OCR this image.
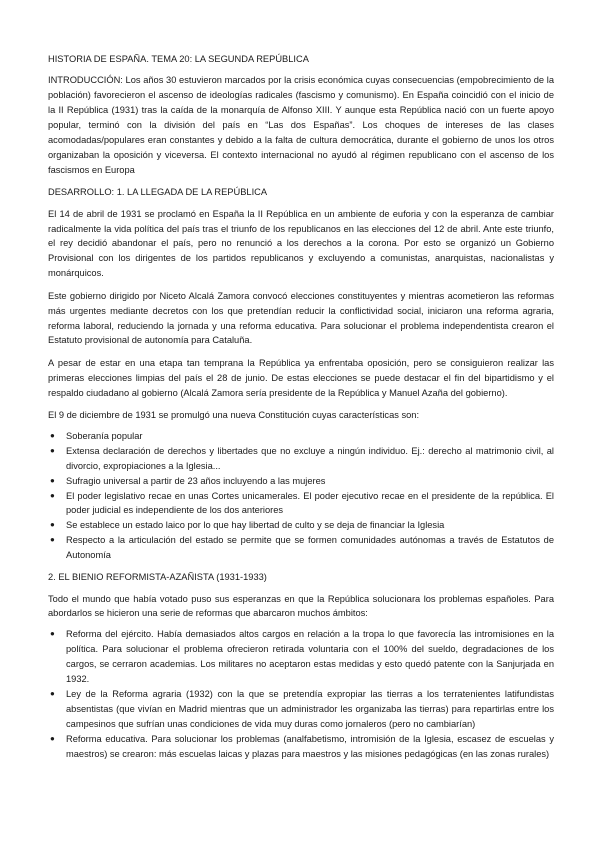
HISTORIA DE ESPAÑA. TEMA 20: LA SEGUNDA REPÚBLICA

INTRODUCCIÓN: Los años 30 estuvieron marcados por la crisis económica cuyas consecuencias (empobrecimiento de la población) favorecieron el ascenso de ideologías radicales (fascismo y comunismo). En España coincidió con el inicio de la II República (1931) tras la caída de la monarquía de Alfonso XIII. Y aunque esta República nació con un fuerte apoyo popular, terminó con la división del país en “Las dos Españas”. Los choques de intereses de las clases acomodadas/populares eran constantes y debido a la falta de cultura democrática, durante el gobierno de unos los otros organizaban la oposición y viceversa. El contexto internacional no ayudó al régimen republicano con el ascenso de los fascismos en Europa

DESARROLLO: 1. LA LLEGADA DE LA REPÚBLICA

El 14 de abril de 1931 se proclamó en España la II República en un ambiente de euforia y con la esperanza de cambiar radicalmente la vida política del país tras el triunfo de los republicanos en las elecciones del 12 de abril. Ante este triunfo, el rey decidió abandonar el país, pero no renunció a los derechos a la corona. Por esto se organizó un Gobierno Provisional con los dirigentes de los partidos republicanos y excluyendo a comunistas, anarquistas, nacionalistas y monárquicos.

Este gobierno dirigido por Niceto Alcalá Zamora convocó elecciones constituyentes y mientras acometieron las reformas más urgentes mediante decretos con los que pretendían reducir la conflictividad social, iniciaron una reforma agraria, reforma laboral, reduciendo la jornada y una reforma educativa. Para solucionar el problema independentista crearon el Estatuto provisional de autonomía para Cataluña.

A pesar de estar en una etapa tan temprana la República ya enfrentaba oposición, pero se consiguieron realizar las primeras elecciones limpias del país el 28 de junio. De estas elecciones se puede destacar el fin del bipartidismo y el respaldo ciudadano al gobierno (Alcalá Zamora sería presidente de la República y Manuel Azaña del gobierno).

El 9 de diciembre de 1931 se promulgó una nueva Constitución cuyas características son:

● Soberanía popular
● Extensa declaración de derechos y libertades que no excluye a ningún individuo. Ej.: derecho al matrimonio civil, al divorcio, expropiaciones a la Iglesia...
● Sufragio universal a partir de 23 años incluyendo a las mujeres
● El poder legislativo recae en unas Cortes unicamerales. El poder ejecutivo recae en el presidente de la república. El poder judicial es independiente de los dos anteriores
● Se establece un estado laico por lo que hay libertad de culto y se deja de financiar la Iglesia
● Respecto a la articulación del estado se permite que se formen comunidades autónomas a través de Estatutos de Autonomía

2. EL BIENIO REFORMISTA-AZAÑISTA (1931-1933)

Todo el mundo que había votado puso sus esperanzas en que la República solucionara los problemas españoles. Para abordarlos se hicieron una serie de reformas que abarcaron muchos ámbitos:

● Reforma del ejército. Había demasiados altos cargos en relación a la tropa lo que favorecía las intromisiones en la política. Para solucionar el problema ofrecieron retirada voluntaria con el 100% del sueldo, degradaciones de los cargos, se cerraron academias. Los militares no aceptaron estas medidas y esto quedó patente con la Sanjurjada en 1932.
● Ley de la Reforma agraria (1932) con la que se pretendía expropiar las tierras a los terratenientes latifundistas absentistas (que vivían en Madrid mientras que un administrador les organizaba las tierras) para repartirlas entre los campesinos que sufrían unas condiciones de vida muy duras como jornaleros (pero no cambiarían)
● Reforma educativa. Para solucionar los problemas (analfabetismo, intromisión de la Iglesia, escasez de escuelas y maestros) se crearon: más escuelas laicas y plazas para maestros y las misiones pedagógicas (en las zonas rurales)
